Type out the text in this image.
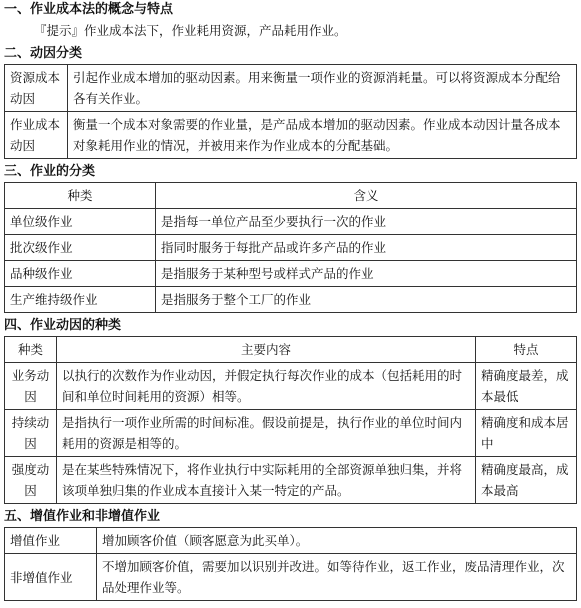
一、作业成本法的概念与特点

『提示』作业成本法下，作业耗用资源，产品耗用作业。

二、动因分类

资源成本动因	引起作业成本增加的驱动因素。用来衡量一项作业的资源消耗量。可以将资源成本分配给各有关作业。
作业成本动因	衡量一个成本对象需要的作业量，是产品成本增加的驱动因素。作业成本动因计量各成本对象耗用作业的情况，并被用来作为作业成本的分配基础。

三、作业的分类

种类	含义
单位级作业	是指每一单位产品至少要执行一次的作业
批次级作业	指同时服务于每批产品或许多产品的作业
品种级作业	是指服务于某种型号或样式产品的作业
生产维持级作业	是指服务于整个工厂的作业

四、作业动因的种类

种类	主要内容	特点
业务动因	以执行的次数作为作业动因，并假定执行每次作业的成本（包括耗用的时间和单位时间耗用的资源）相等。	精确度最差，成本最低
持续动因	是指执行一项作业所需的时间标准。假设前提是，执行作业的单位时间内耗用的资源是相等的。	精确度和成本居中
强度动因	是在某些特殊情况下，将作业执行中实际耗用的全部资源单独归集，并将该项单独归集的作业成本直接计入某一特定的产品。	精确度最高，成本最高

五、增值作业和非增值作业

增值作业	增加顾客价值（顾客愿意为此买单）。
非增值作业	不增加顾客价值，需要加以识别并改进。如等待作业，返工作业，废品清理作业，次品处理作业等。
